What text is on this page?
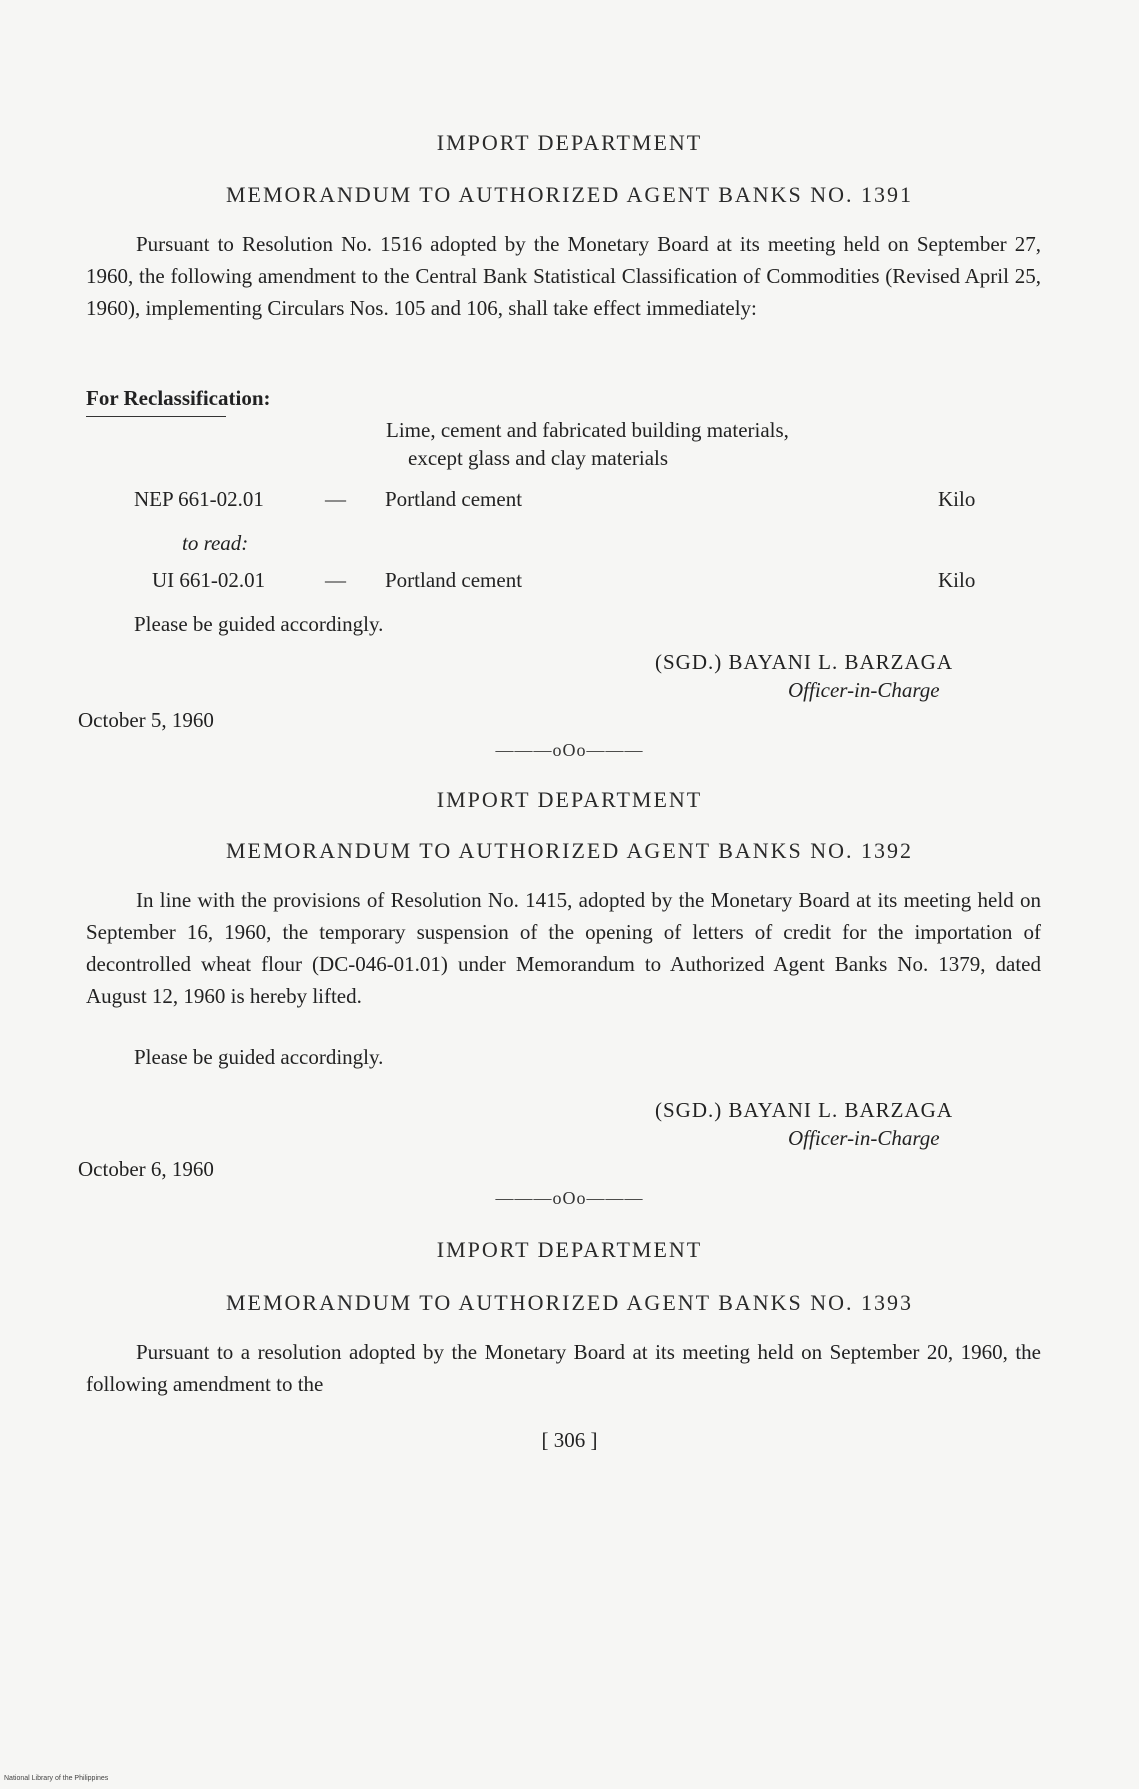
IMPORT DEPARTMENT
MEMORANDUM TO AUTHORIZED AGENT BANKS NO. 1391
Pursuant to Resolution No. 1516 adopted by the Monetary Board at its meeting held on September 27, 1960, the following amendment to the Central Bank Statistical Classification of Commodities (Revised April 25, 1960), implementing Circulars Nos. 105 and 106, shall take effect immediately:
For Reclassification:
Lime, cement and fabricated building materials,
except glass and clay materials
NEP 661-02.01	— Portland cement	Kilo
to read:
UI 661-02.01	— Portland cement	Kilo
Please be guided accordingly.
(SGD.) BAYANI L. BARZAGA
Officer-in-Charge
October 5, 1960
———oOo———
IMPORT DEPARTMENT
MEMORANDUM TO AUTHORIZED AGENT BANKS NO. 1392
In line with the provisions of Resolution No. 1415, adopted by the Monetary Board at its meeting held on September 16, 1960, the temporary suspension of the opening of letters of credit for the importation of decontrolled wheat flour (DC-046-01.01) under Memorandum to Authorized Agent Banks No. 1379, dated August 12, 1960 is hereby lifted.
Please be guided accordingly.
(SGD.) BAYANI L. BARZAGA
Officer-in-Charge
October 6, 1960
———oOo———
IMPORT DEPARTMENT
MEMORANDUM TO AUTHORIZED AGENT BANKS NO. 1393
Pursuant to a resolution adopted by the Monetary Board at its meeting held on September 20, 1960, the following amendment to the
[ 306 ]
National Library of the Philippines
